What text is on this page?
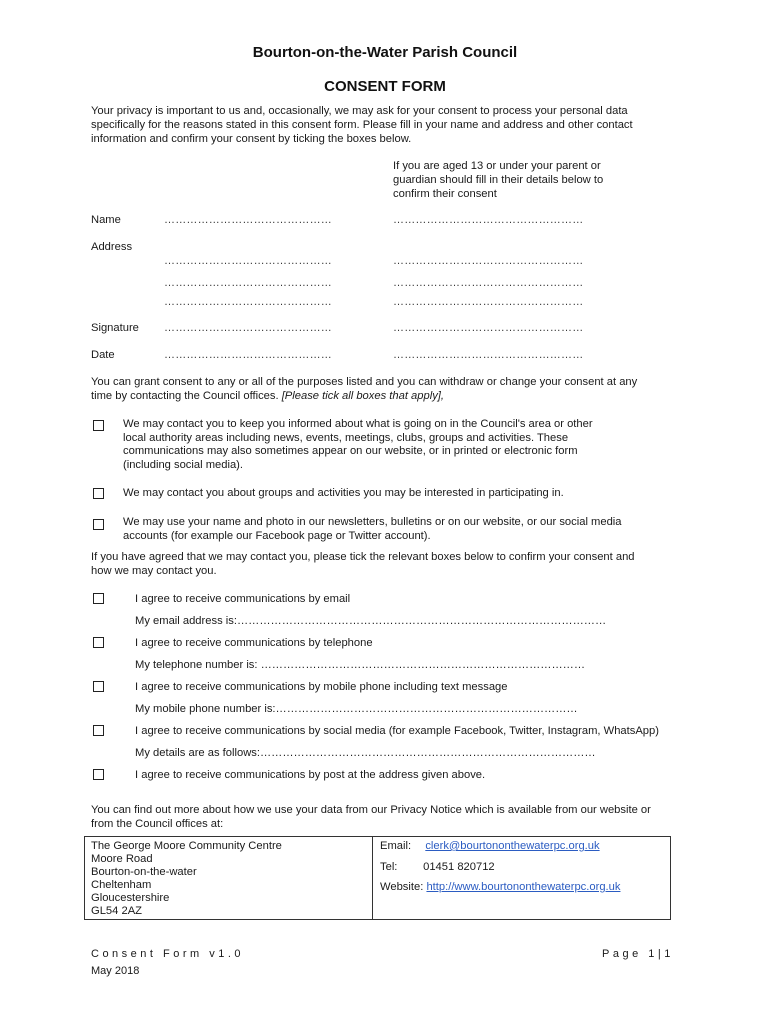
Bourton-on-the-Water Parish Council
CONSENT FORM
Your privacy is important to us and, occasionally, we may ask for your consent to process your personal data
specifically for the reasons stated in this consent form. Please fill in your name and address and other contact
information and confirm your consent by ticking the boxes below.
If you are aged 13 or under your parent or
guardian should fill in their details below to
confirm their consent
Name	………………………………………	……………………………………………
Address
………………………………………	……………………………………………
………………………………………	……………………………………………
………………………………………	……………………………………………
Signature ………………………………………	……………………………………………
Date	………………………………………	……………………………………………
You can grant consent to any or all of the purposes listed and you can withdraw or change your consent at any
time by contacting the Council offices. [Please tick all boxes that apply],
We may contact you to keep you informed about what is going on in the Council's area or other
local authority areas including news, events, meetings, clubs, groups and activities. These
communications may also sometimes appear on our website, or in printed or electronic form
(including social media).
We may contact you about groups and activities you may be interested in participating in.
We may use your name and photo in our newsletters, bulletins or on our website, or our social media
accounts (for example our Facebook page or Twitter account).
If you have agreed that we may contact you, please tick the relevant boxes below to confirm your consent and
how we may contact you.
I agree to receive communications by email
My email address is:………………………………………………………………………………………
I agree to receive communications by telephone
My telephone number is: ……………………………………………………………………………
I agree to receive communications by mobile phone including text message
My mobile phone number is:………………………………………………………………………
I agree to receive communications by social media (for example Facebook, Twitter, Instagram, WhatsApp)
My details are as follows:………………………………………………………………………………
I agree to receive communications by post at the address given above.
You can find out more about how we use your data from our Privacy Notice which is available from our website or
from the Council offices at:
The George Moore Community Centre
Moore Road
Bourton-on-the-water
Cheltenham
Gloucestershire
GL54 2AZ
Email: clerk@bourtononthewaterpc.org.uk
Tel: 01451 820712
Website: http://www.bourtononthewaterpc.org.uk
Consent Form v1.0
May 2018
Page 1|1
